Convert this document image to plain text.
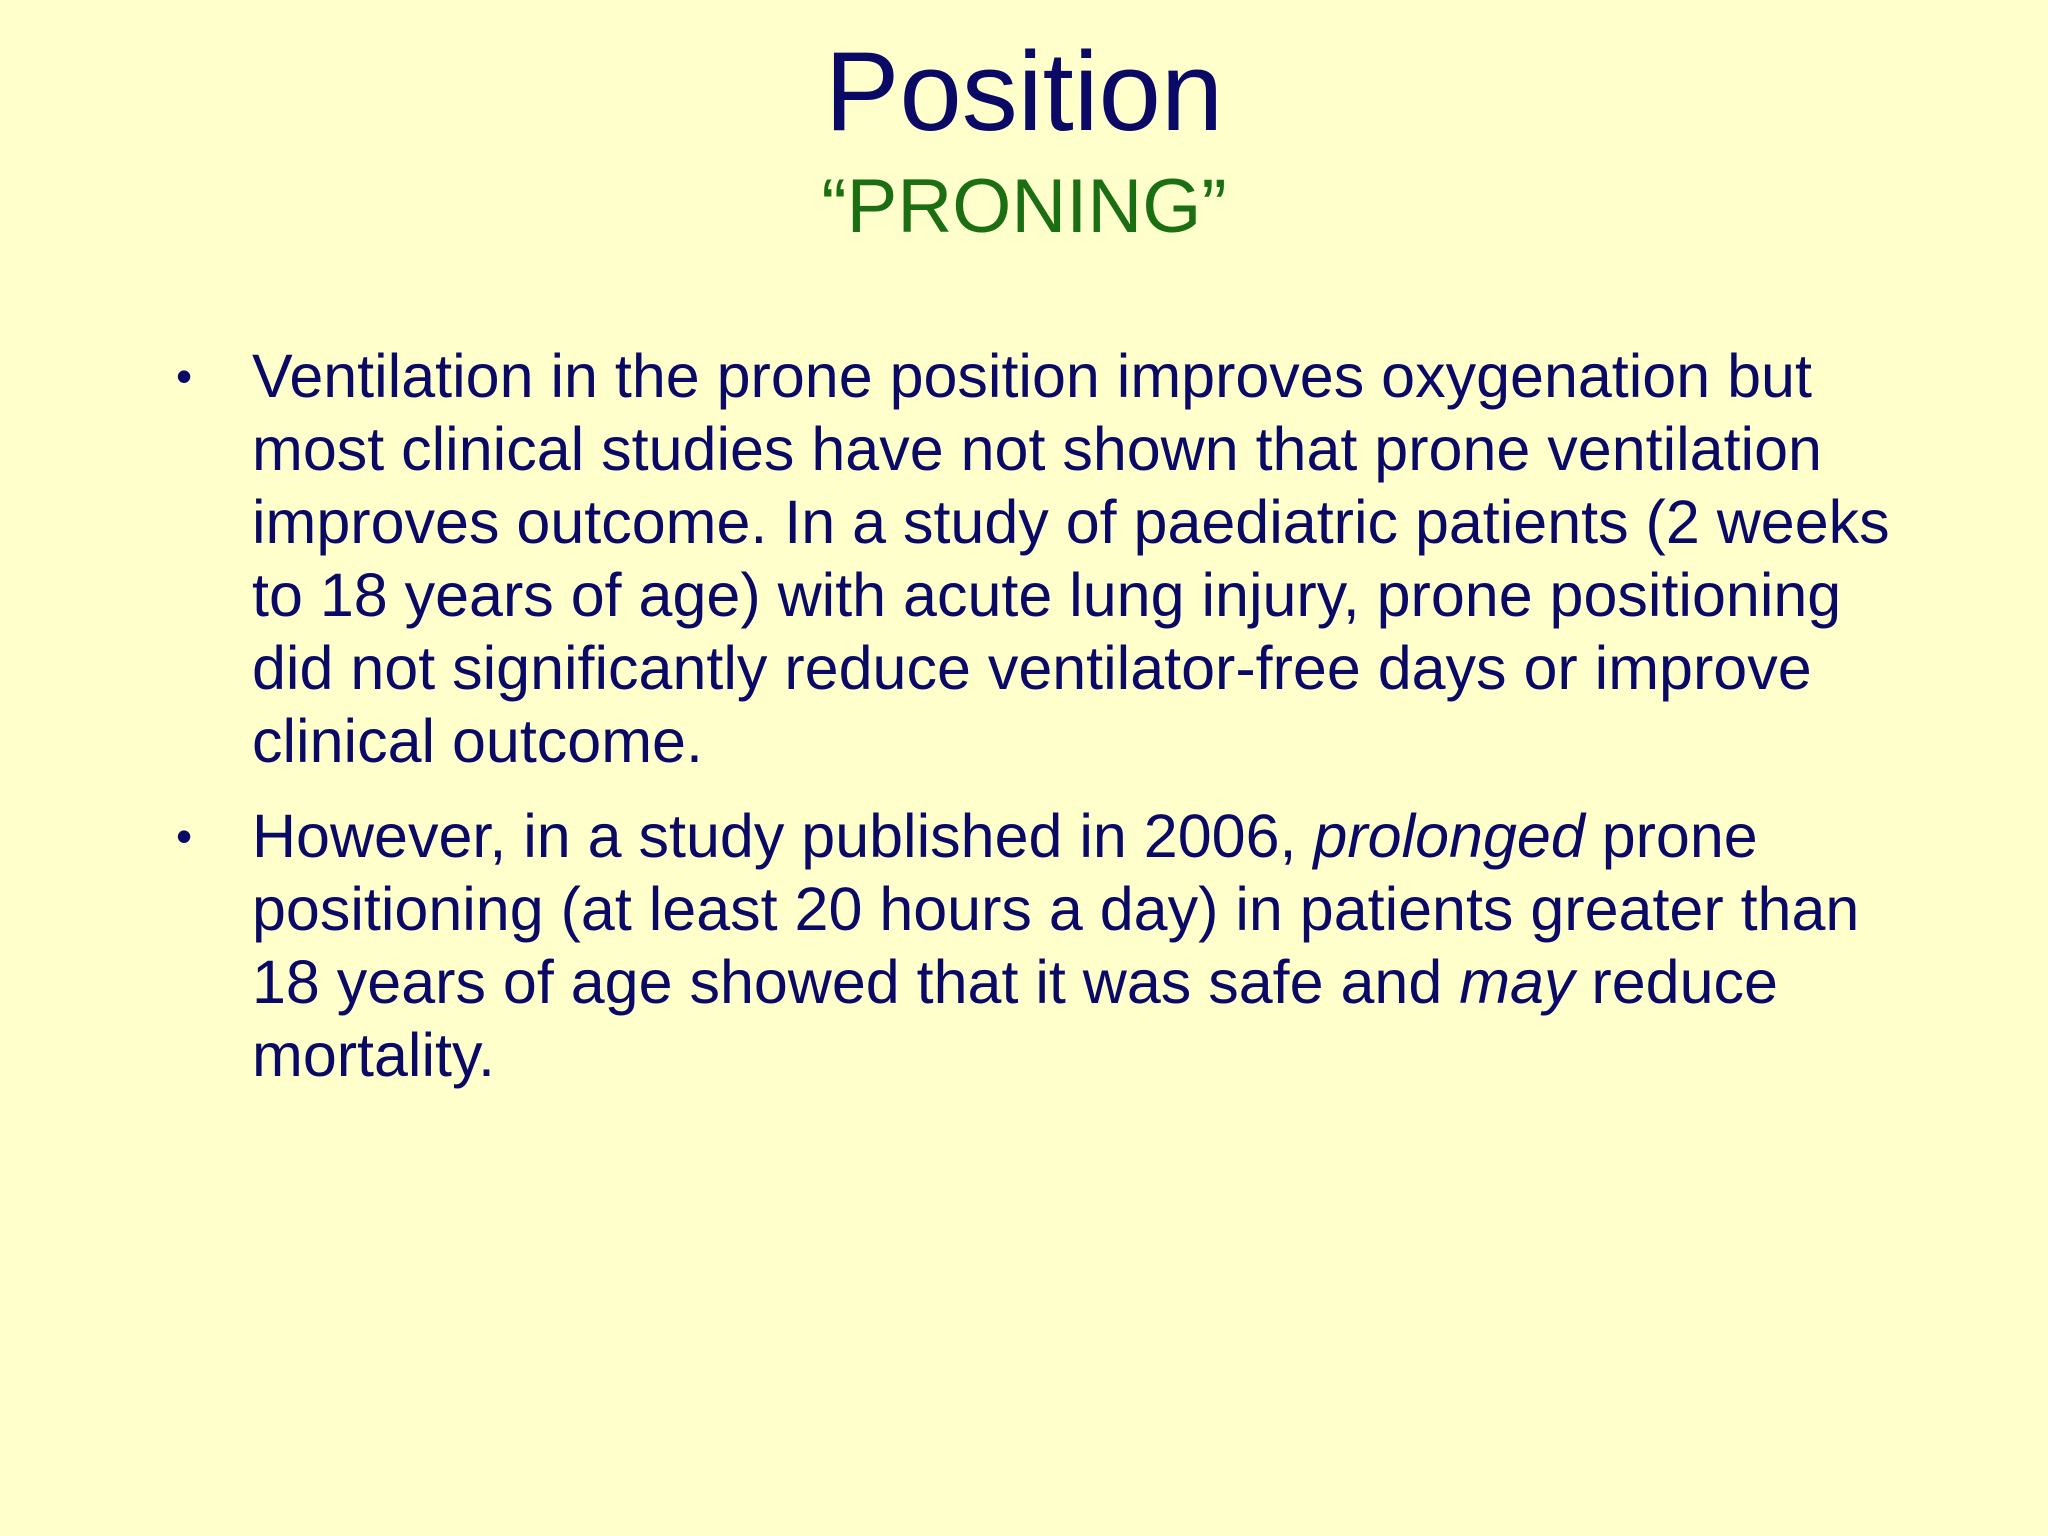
Position
“PRONING”
• Ventilation in the prone position improves oxygenation but most clinical studies have not shown that prone ventilation improves outcome. In a study of paediatric patients (2 weeks to 18 years of age) with acute lung injury, prone positioning did not significantly reduce ventilator-free days or improve clinical outcome.
• However, in a study published in 2006, prolonged prone positioning (at least 20 hours a day) in patients greater than 18 years of age showed that it was safe and may reduce mortality.
